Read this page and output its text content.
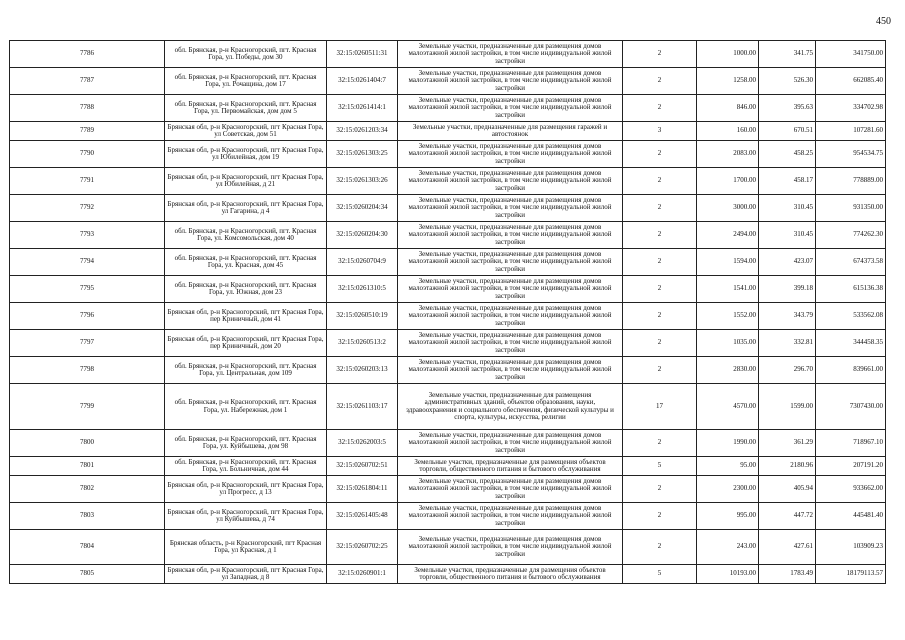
450
7786	обл. Брянская, р-н Красногорский, пгт. Красная Гора, ул. Победы, дом 30	32:15:0260511:31	Земельные участки, предназначенные для размещения домов малоэтажной жилой застройки, в том числе индивидуальной жилой застройки	2	1000.00	341.75	341750.00
7787	обл. Брянская, р-н Красногорский, пгт. Красная Гора, ул. Рочащина, дом 17	32:15:0261404:7	Земельные участки, предназначенные для размещения домов малоэтажной жилой застройки, в том числе индивидуальной жилой застройки	2	1258.00	526.30	662085.40
7788	обл. Брянская, р-н Красногорский, пгт. Красная Гора, ул. Первомайская, дом дом 5	32:15:0261414:1	Земельные участки, предназначенные для размещения домов малоэтажной жилой застройки, в том числе индивидуальной жилой застройки	2	846.00	395.63	334702.98
7789	Брянская обл, р-н Красногорский, пгт Красная Гора, ул Советская, дом 51	32:15:0261203:34	Земельные участки, предназначенные для размещения гаражей и автостоянок	3	160.00	670.51	107281.60
7790	Брянская обл, р-н Красногорский, пгт Красная Гора, ул Юбилейная, дом 19	32:15:0261303:25	Земельные участки, предназначенные для размещения домов малоэтажной жилой застройки, в том числе индивидуальной жилой застройки	2	2083.00	458.25	954534.75
7791	Брянская обл, р-н Красногорский, пгт Красная Гора, ул Юбилейная, д 21	32:15:0261303:26	Земельные участки, предназначенные для размещения домов малоэтажной жилой застройки, в том числе индивидуальной жилой застройки	2	1700.00	458.17	778889.00
7792	Брянская обл, р-н Красногорский, пгт Красная Гора, ул Гагарина, д 4	32:15:0260204:34	Земельные участки, предназначенные для размещения домов малоэтажной жилой застройки, в том числе индивидуальной жилой застройки	2	3000.00	310.45	931350.00
7793	обл. Брянская, р-н Красногорский, пгт. Красная Гора, ул. Комсомольская, дом 40	32:15:0260204:30	Земельные участки, предназначенные для размещения домов малоэтажной жилой застройки, в том числе индивидуальной жилой застройки	2	2494.00	310.45	774262.30
7794	обл. Брянская, р-н Красногорский, пгт. Красная Гора, ул. Красная, дом 45	32:15:0260704:9	Земельные участки, предназначенные для размещения домов малоэтажной жилой застройки, в том числе индивидуальной жилой застройки	2	1594.00	423.07	674373.58
7795	обл. Брянская, р-н Красногорский, пгт. Красная Гора, ул. Южная, дом 23	32:15:0261310:5	Земельные участки, предназначенные для размещения домов малоэтажной жилой застройки, в том числе индивидуальной жилой застройки	2	1541.00	399.18	615136.38
7796	Брянская обл, р-н Красногорский, пгт Красная Гора, пер Криничный, дом 41	32:15:0260510:19	Земельные участки, предназначенные для размещения домов малоэтажной жилой застройки, в том числе индивидуальной жилой застройки	2	1552.00	343.79	533562.08
7797	Брянская обл, р-н Красногорский, пгт Красная Гора, пер Криничный, дом 20	32:15:0260513:2	Земельные участки, предназначенные для размещения домов малоэтажной жилой застройки, в том числе индивидуальной жилой застройки	2	1035.00	332.81	344458.35
7798	обл. Брянская, р-н Красногорский, пгт. Красная Гора, ул. Центральная, дом 109	32:15:0260203:13	Земельные участки, предназначенные для размещения домов малоэтажной жилой застройки, в том числе индивидуальной жилой застройки	2	2830.00	296.70	839661.00
7799	обл. Брянская, р-н Красногорский, пгт. Красная Гора, ул. Набережная, дом 1	32:15:0261103:17	Земельные участки, предназначенные для размещения административных зданий, объектов образования, науки, здравоохранения и социального обеспечения, физической культуры и спорта, культуры, искусства, религии	17	4570.00	1599.00	7307430.00
7800	обл. Брянская, р-н Красногорский, пгт. Красная Гора, ул. Куйбышева, дом 98	32:15:0262003:5	Земельные участки, предназначенные для размещения домов малоэтажной жилой застройки, в том числе индивидуальной жилой застройки	2	1990.00	361.29	718967.10
7801	обл. Брянская, р-н Красногорский, пгт. Красная Гора, ул. Больничная, дом 44	32:15:0260702:51	Земельные участки, предназначенные для размещения объектов торговли, общественного питания и бытового обслуживания	5	95.00	2180.96	207191.20
7802	Брянская обл, р-н Красногорский, пгт Красная Гора, ул Прогресс, д 13	32:15:0261804:11	Земельные участки, предназначенные для размещения домов малоэтажной жилой застройки, в том числе индивидуальной жилой застройки	2	2300.00	405.94	933662.00
7803	Брянская обл, р-н Красногорский, пгт Красная Гора, ул Куйбышева, д 74	32:15:0261405:48	Земельные участки, предназначенные для размещения домов малоэтажной жилой застройки, в том числе индивидуальной жилой застройки	2	995.00	447.72	445481.40
7804	Брянская область, р-н Красногорский, пгт Красная Гора, ул Красная, д 1	32:15:0260702:25	Земельные участки, предназначенные для размещения домов малоэтажной жилой застройки, в том числе индивидуальной жилой застройки	2	243.00	427.61	103909.23
7805	Брянская обл, р-н Красногорский, пгт Красная Гора, ул Западная, д 8	32:15:0260901:1	Земельные участки, предназначенные для размещения объектов торговли, общественного питания и бытового обслуживания	5	10193.00	1783.49	18179113.57
